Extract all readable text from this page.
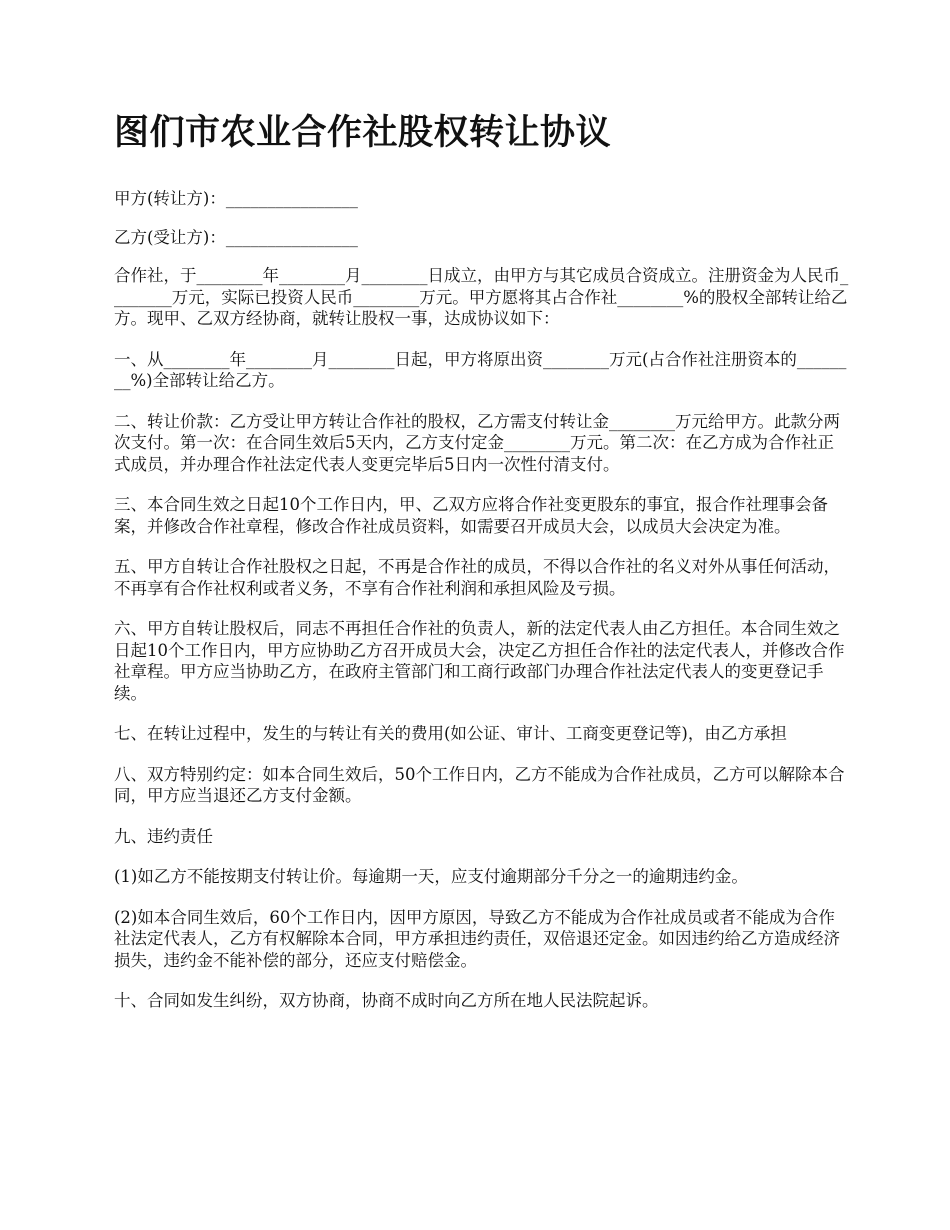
图们市农业合作社股权转让协议

甲方(转让方)：________________

乙方(受让方)：________________

合作社，于________年________月________日成立，由甲方与其它成员合资成立。注册资金为人民币________万元，实际已投资人民币________万元。甲方愿将其占合作社________%的股权全部转让给乙方。现甲、乙双方经协商，就转让股权一事，达成协议如下：

一、从________年________月________日起，甲方将原出资________万元(占合作社注册资本的________%)全部转让给乙方。

二、转让价款：乙方受让甲方转让合作社的股权，乙方需支付转让金________万元给甲方。此款分两次支付。第一次：在合同生效后5天内，乙方支付定金________万元。第二次：在乙方成为合作社正式成员，并办理合作社法定代表人变更完毕后5日内一次性付清支付。

三、本合同生效之日起10个工作日内，甲、乙双方应将合作社变更股东的事宜，报合作社理事会备案，并修改合作社章程，修改合作社成员资料，如需要召开成员大会，以成员大会决定为准。

五、甲方自转让合作社股权之日起，不再是合作社的成员，不得以合作社的名义对外从事任何活动，不再享有合作社权利或者义务，不享有合作社利润和承担风险及亏损。

六、甲方自转让股权后，同志不再担任合作社的负责人，新的法定代表人由乙方担任。本合同生效之日起10个工作日内，甲方应协助乙方召开成员大会，决定乙方担任合作社的法定代表人，并修改合作社章程。甲方应当协助乙方，在政府主管部门和工商行政部门办理合作社法定代表人的变更登记手续。

七、在转让过程中，发生的与转让有关的费用(如公证、审计、工商变更登记等)，由乙方承担

八、双方特别约定：如本合同生效后，50个工作日内，乙方不能成为合作社成员，乙方可以解除本合同，甲方应当退还乙方支付金额。

九、违约责任

(1)如乙方不能按期支付转让价。每逾期一天，应支付逾期部分千分之一的逾期违约金。

(2)如本合同生效后，60个工作日内，因甲方原因，导致乙方不能成为合作社成员或者不能成为合作社法定代表人，乙方有权解除本合同，甲方承担违约责任，双倍退还定金。如因违约给乙方造成经济损失，违约金不能补偿的部分，还应支付赔偿金。

十、合同如发生纠纷，双方协商，协商不成时向乙方所在地人民法院起诉。
